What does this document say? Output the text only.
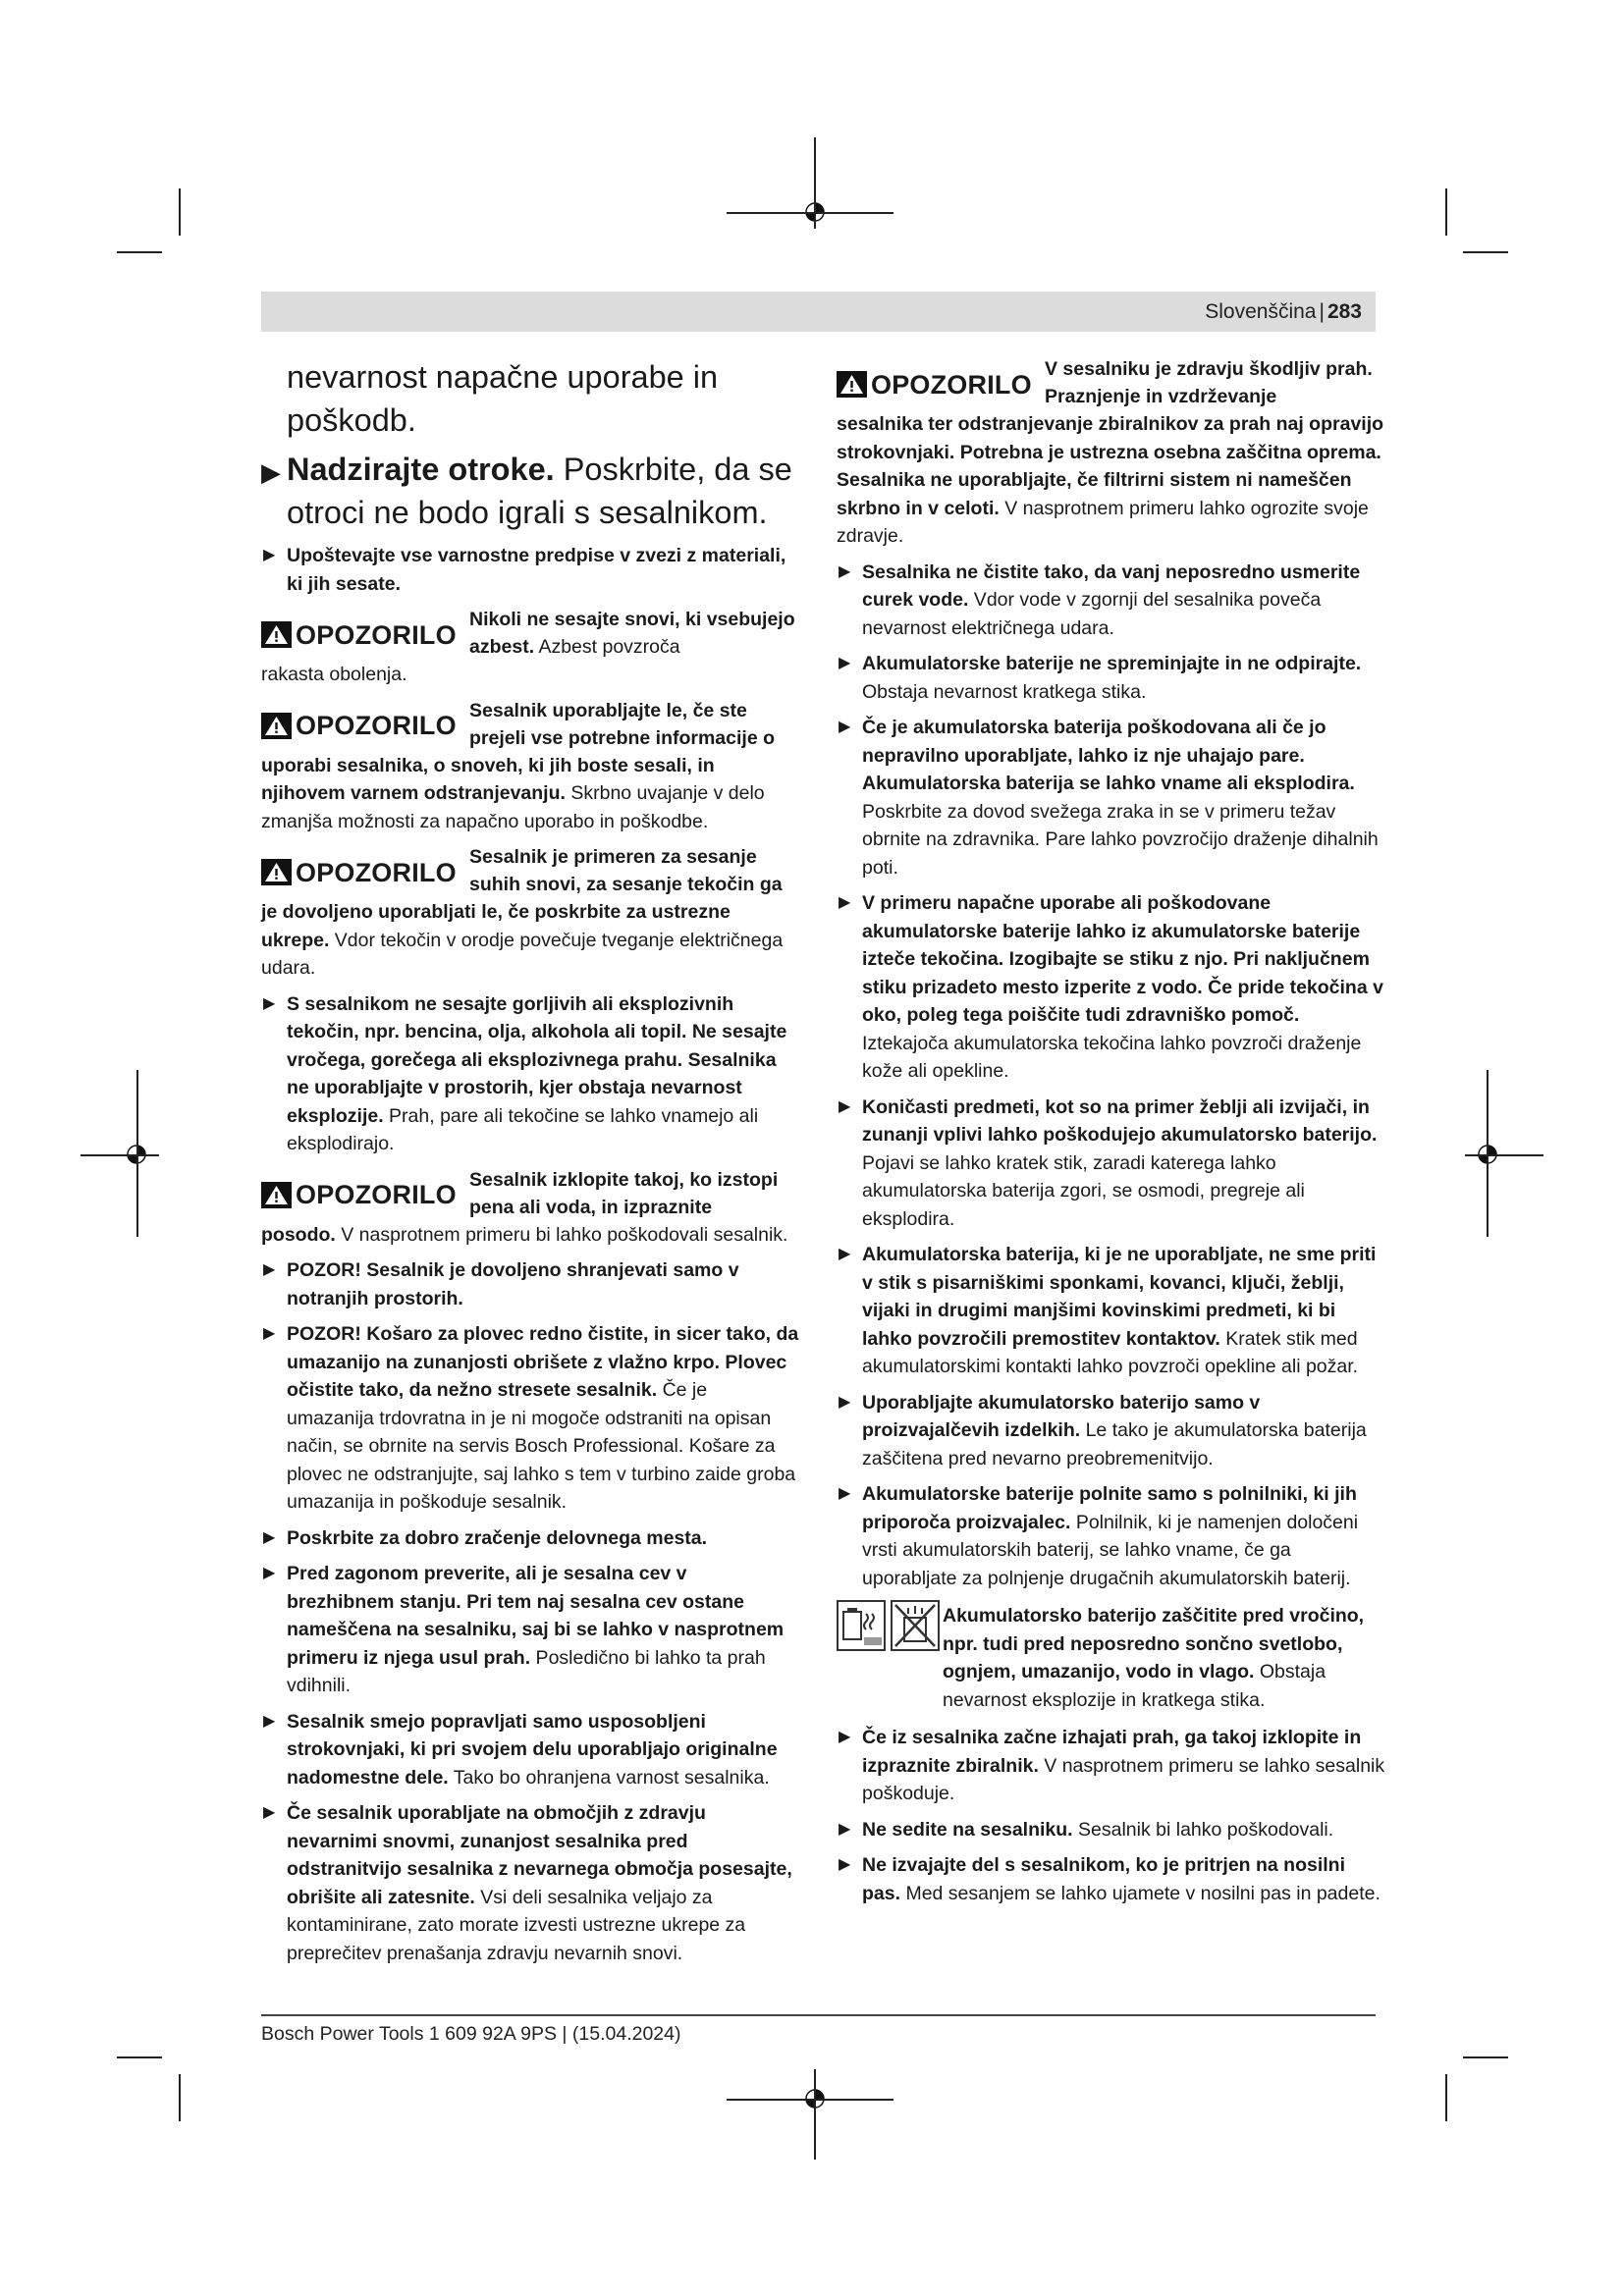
Slovenščina | 283

nevarnost napačne uporabe in poškodb.

▶ Nadzirajte otroke. Poskrbite, da se otroci ne bodo igrali s sesalnikom.
▶ Upoštevajte vse varnostne predpise v zvezi z materiali, ki jih sesate.
OPOZORILO
Nikoli ne sesajte snovi, ki vsebujejo azbest. Azbest povzroča

rakasta obolenja.

OPOZORILO
Sesalnik uporabljajte le, če ste prejeli vse potrebne informacije o

uporabi sesalnika, o snoveh, ki jih boste sesali, in njihovem varnem odstranjevanju. Skrbno uvajanje v delo zmanjša možnosti za napačno uporabo in poškodbe.

OPOZORILO
Sesalnik je primeren za sesanje suhih snovi, za sesanje tekočin ga

je dovoljeno uporabljati le, če poskrbite za ustrezne ukrepe. Vdor tekočin v orodje povečuje tveganje električnega udara.

▶ S sesalnikom ne sesajte gorljivih ali eksplozivnih tekočin, npr. bencina, olja, alkohola ali topil. Ne sesajte vročega, gorečega ali eksplozivnega prahu. Sesalnika ne uporabljajte v prostorih, kjer obstaja nevarnost eksplozije. Prah, pare ali tekočine se lahko vnamejo ali eksplodirajo.
OPOZORILO
Sesalnik izklopite takoj, ko izstopi pena ali voda, in izpraznite

posodo. V nasprotnem primeru bi lahko poškodovali sesalnik.

▶ POZOR! Sesalnik je dovoljeno shranjevati samo v notranjih prostorih.
▶ POZOR! Košaro za plovec redno čistite, in sicer tako, da umazanijo na zunanjosti obrišete z vlažno krpo. Plovec očistite tako, da nežno stresete sesalnik. Če je umazanija trdovratna in je ni mogoče odstraniti na opisan način, se obrnite na servis Bosch Professional. Košare za plovec ne odstranjujte, saj lahko s tem v turbino zaide groba umazanija in poškoduje sesalnik.
▶ Poskrbite za dobro zračenje delovnega mesta.
▶ Pred zagonom preverite, ali je sesalna cev v brezhibnem stanju. Pri tem naj sesalna cev ostane nameščena na sesalniku, saj bi se lahko v nasprotnem primeru iz njega usul prah. Posledično bi lahko ta prah vdihnili.
▶ Sesalnik smejo popravljati samo usposobljeni strokovnjaki, ki pri svojem delu uporabljajo originalne nadomestne dele. Tako bo ohranjena varnost sesalnika.
▶ Če sesalnik uporabljate na območjih z zdravju nevarnimi snovmi, zunanjost sesalnika pred odstranitvijo sesalnika z nevarnega območja posesajte, obrišite ali zatesnite. Vsi deli sesalnika veljajo za kontaminirane, zato morate izvesti ustrezne ukrepe za preprečitev prenašanja zdravju nevarnih snovi.
OPOZORILO
V sesalniku je zdravju škodljiv prah. Praznjenje in vzdrževanje

sesalnika ter odstranjevanje zbiralnikov za prah naj opravijo strokovnjaki. Potrebna je ustrezna osebna zaščitna oprema. Sesalnika ne uporabljajte, če filtrirni sistem ni nameščen skrbno in v celoti. V nasprotnem primeru lahko ogrozite svoje zdravje.

▶ Sesalnika ne čistite tako, da vanj neposredno usmerite curek vode. Vdor vode v zgornji del sesalnika poveča nevarnost električnega udara.
▶ Akumulatorske baterije ne spreminjajte in ne odpirajte. Obstaja nevarnost kratkega stika.
▶ Če je akumulatorska baterija poškodovana ali če jo nepravilno uporabljate, lahko iz nje uhajajo pare. Akumulatorska baterija se lahko vname ali eksplodira. Poskrbite za dovod svežega zraka in se v primeru težav obrnite na zdravnika. Pare lahko povzročijo draženje dihalnih poti.
▶ V primeru napačne uporabe ali poškodovane akumulatorske baterije lahko iz akumulatorske baterije izteče tekočina. Izogibajte se stiku z njo. Pri naključnem stiku prizadeto mesto izperite z vodo. Če pride tekočina v oko, poleg tega poiščite tudi zdravniško pomoč. Iztekajoča akumulatorska tekočina lahko povzroči draženje kože ali opekline.
▶ Koničasti predmeti, kot so na primer žeblji ali izvijači, in zunanji vplivi lahko poškodujejo akumulatorsko baterijo. Pojavi se lahko kratek stik, zaradi katerega lahko akumulatorska baterija zgori, se osmodi, pregreje ali eksplodira.
▶ Akumulatorska baterija, ki je ne uporabljate, ne sme priti v stik s pisarniškimi sponkami, kovanci, ključi, žeblji, vijaki in drugimi manjšimi kovinskimi predmeti, ki bi lahko povzročili premostitev kontaktov. Kratek stik med akumulatorskimi kontakti lahko povzroči opekline ali požar.
▶ Uporabljajte akumulatorsko baterijo samo v proizvajalčevih izdelkih. Le tako je akumulatorska baterija zaščitena pred nevarno preobremenitvijo.
▶ Akumulatorske baterije polnite samo s polnilniki, ki jih priporoča proizvajalec. Polnilnik, ki je namenjen določeni vrsti akumulatorskih baterij, se lahko vname, če ga uporabljate za polnjenje drugačnih akumulatorskih baterij.

Akumulatorsko baterijo zaščitite pred vročino, npr. tudi pred neposredno sončno svetlobo, ognjem, umazanijo, vodo in vlago. Obstaja nevarnost eksplozije in kratkega stika.
▶ Če iz sesalnika začne izhajati prah, ga takoj izklopite in izpraznite zbiralnik. V nasprotnem primeru se lahko sesalnik poškoduje.
▶ Ne sedite na sesalniku. Sesalnik bi lahko poškodovali.
▶ Ne izvajajte del s sesalnikom, ko je pritrjen na nosilni pas. Med sesanjem se lahko ujamete v nosilni pas in padete.
Bosch Power Tools 1 609 92A 9PS | (15.04.2024)
